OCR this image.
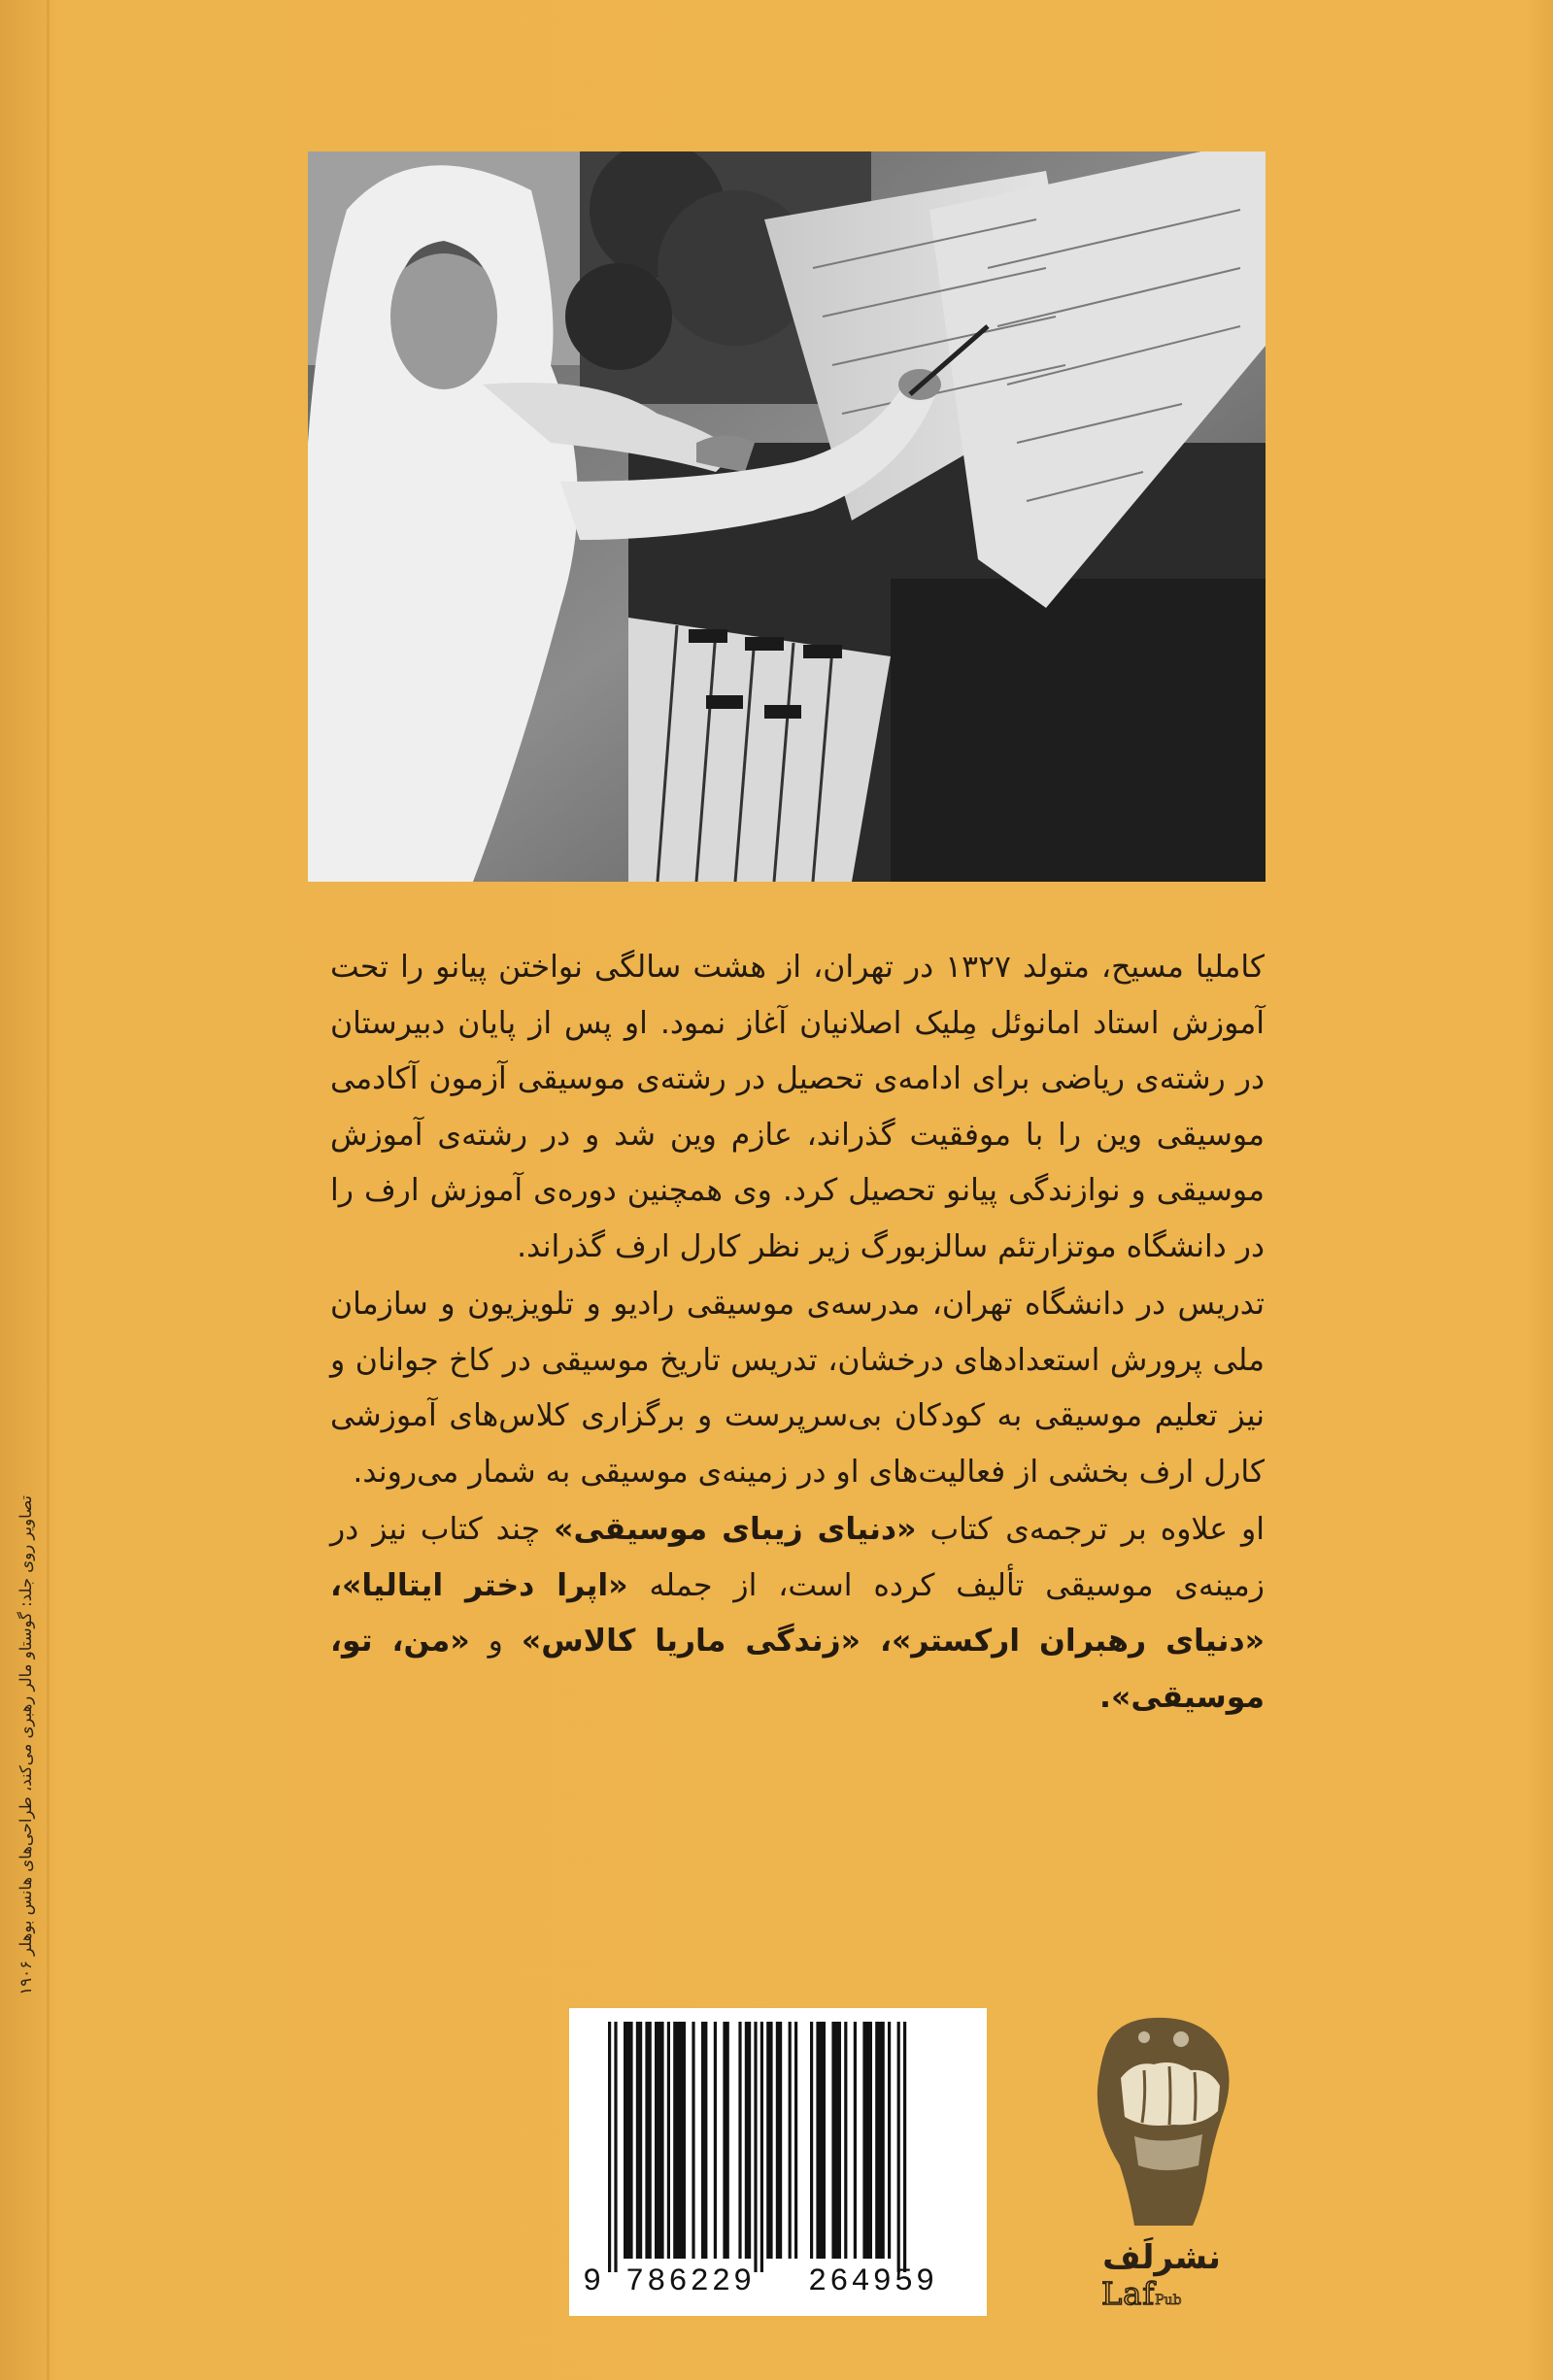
کاملیا مسیح، متولد ۱۳۲۷ در تهران، از هشت سالگی نواختن پیانو را تحت آموزش استاد امانوئل مِلیک اصلانیان آغاز نمود. او پس از پایان دبیرستان در رشته‌ی ریاضی برای ادامه‌ی تحصیل در رشته‌ی موسیقی آزمون آکادمی موسیقی وین را با موفقیت گذراند، عازم وین شد و در رشته‌ی آموزش موسیقی و نوازندگی پیانو تحصیل کرد. وی همچنین دوره‌ی آموزش ارف را در دانشگاه موتزارتئم سالزبورگ زیر نظر کارل ارف گذراند.

تدریس در دانشگاه تهران، مدرسه‌ی موسیقی رادیو و تلویزیون و سازمان ملی پرورش استعدادهای درخشان، تدریس تاریخ موسیقی در کاخ جوانان و نیز تعلیم موسیقی به کودکان بی‌سرپرست و برگزاری کلاس‌های آموزشی کارل ارف بخشی از فعالیت‌های او در زمینه‌ی موسیقی به شمار می‌روند.

او علاوه بر ترجمه‌ی کتاب «دنیای زیبای موسیقی» چند کتاب نیز در زمینه‌ی موسیقی تألیف کرده است، از جمله «اپرا دختر ایتالیا»، «دنیای رهبران ارکستر»، «زندگی ماریا کالاس» و «من، تو، موسیقی».

تصاویر روی جلد: گوستاو مالر رهبری می‌کند، طراحی‌های هانس بوهلر ۱۹۰۶
9 786229 264959
نشرلَف
LafPub
